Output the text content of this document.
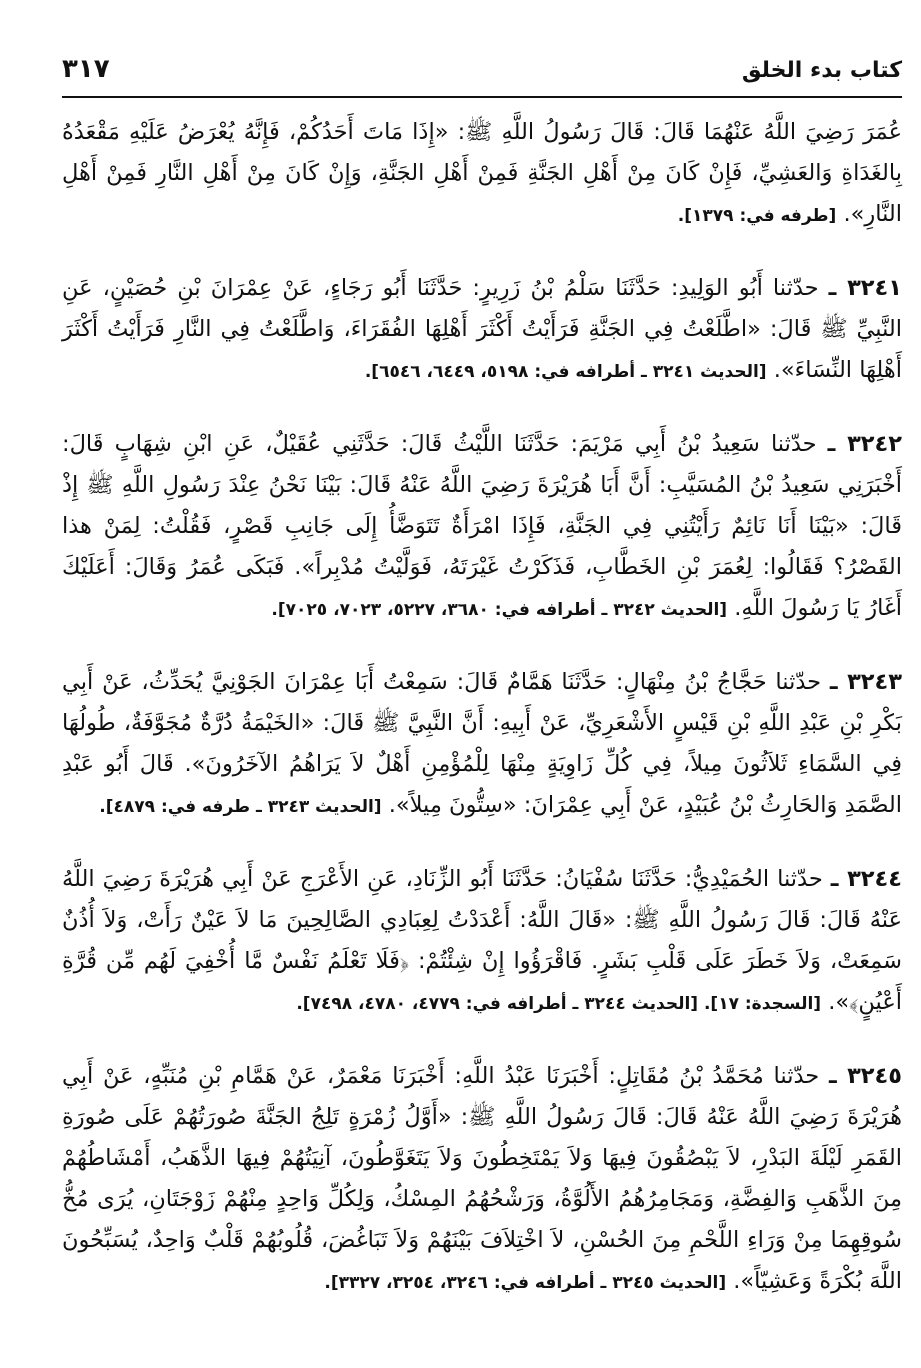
كتاب بدء الخلق
٣١٧

عُمَرَ رَضِيَ اللَّهُ عَنْهُمَا قَالَ: قَالَ رَسُولُ اللَّهِ ﷺ: «إِذَا مَاتَ أَحَدُكُمْ، فَإِنَّهُ يُعْرَضُ عَلَيْهِ مَقْعَدُهُ بِالغَدَاةِ وَالعَشِيِّ، فَإِنْ كَانَ مِنْ أَهْلِ الجَنَّةِ فَمِنْ أَهْلِ الجَنَّةِ، وَإِنْ كَانَ مِنْ أَهْلِ النَّارِ فَمِنْ أَهْلِ النَّارِ». [طرفه في: ١٣٧٩].

٣٢٤١ ـ حدّثنا أَبُو الوَلِيدِ: حَدَّثَنَا سَلْمُ بْنُ زَرِيرٍ: حَدَّثَنَا أَبُو رَجَاءٍ، عَنْ عِمْرَانَ بْنِ حُصَيْنٍ، عَنِ النَّبِيِّ ﷺ قَالَ: «اطَّلَعْتُ فِي الجَنَّةِ فَرَأَيْتُ أَكْثَرَ أَهْلِهَا الفُقَرَاءَ، وَاطَّلَعْتُ فِي النَّارِ فَرَأَيْتُ أَكْثَرَ أَهْلِهَا النِّسَاءَ». [الحديث ٣٢٤١ ـ أطرافه في: ٥١٩٨، ٦٤٤٩، ٦٥٤٦].

٣٢٤٢ ـ حدّثنا سَعِيدُ بْنُ أَبِي مَرْيَمَ: حَدَّثَنَا اللَّيْثُ قَالَ: حَدَّثَنِي عُقَيْلٌ، عَنِ ابْنِ شِهَابٍ قَالَ: أَخْبَرَنِي سَعِيدُ بْنُ المُسَيَّبِ: أَنَّ أَبَا هُرَيْرَةَ رَضِيَ اللَّهُ عَنْهُ قَالَ: بَيْنَا نَحْنُ عِنْدَ رَسُولِ اللَّهِ ﷺ إِذْ قَالَ: «بَيْنَا أَنَا نَائِمٌ رَأَيْتُنِي فِي الجَنَّةِ، فَإِذَا امْرَأَةٌ تَتَوَضَّأُ إِلَى جَانِبِ قَصْرٍ، فَقُلْتُ: لِمَنْ هذا القَصْرُ؟ فَقَالُوا: لِعُمَرَ بْنِ الخَطَّابِ، فَذَكَرْتُ غَيْرَتَهُ، فَوَلَّيْتُ مُدْبِراً». فَبَكَى عُمَرُ وَقَالَ: أَعَلَيْكَ أَغَارُ يَا رَسُولَ اللَّهِ. [الحديث ٣٢٤٢ ـ أطرافه في: ٣٦٨٠، ٥٢٢٧، ٧٠٢٣، ٧٠٢٥].

٣٢٤٣ ـ حدّثنا حَجَّاجُ بْنُ مِنْهَالٍ: حَدَّثَنَا هَمَّامٌ قَالَ: سَمِعْتُ أَبَا عِمْرَانَ الجَوْنِيَّ يُحَدِّثُ، عَنْ أَبِي بَكْرِ بْنِ عَبْدِ اللَّهِ بْنِ قَيْسٍ الأَشْعَرِيِّ، عَنْ أَبِيهِ: أَنَّ النَّبِيَّ ﷺ قَالَ: «الخَيْمَةُ دُرَّةٌ مُجَوَّفَةٌ، طُولُهَا فِي السَّمَاءِ ثَلاَثُونَ مِيلاً، فِي كُلِّ زَاوِيَةٍ مِنْهَا لِلْمُؤْمِنِ أَهْلٌ لاَ يَرَاهُمُ الآخَرُونَ». قَالَ أَبُو عَبْدِ الصَّمَدِ وَالحَارِثُ بْنُ عُبَيْدٍ، عَنْ أَبِي عِمْرَانَ: «سِتُّونَ مِيلاً». [الحديث ٣٢٤٣ ـ طرفه في: ٤٨٧٩].

٣٢٤٤ ـ حدّثنا الحُمَيْدِيُّ: حَدَّثَنَا سُفْيَانُ: حَدَّثَنَا أَبُو الزِّنَادِ، عَنِ الأَعْرَجِ عَنْ أَبِي هُرَيْرَةَ رَضِيَ اللَّهُ عَنْهُ قَالَ: قَالَ رَسُولُ اللَّهِ ﷺ: «قَالَ اللَّهُ: أَعْدَدْتُ لِعِبَادِي الصَّالِحِينَ مَا لاَ عَيْنٌ رَأَتْ، وَلاَ أُذُنٌ سَمِعَتْ، وَلاَ خَطَرَ عَلَى قَلْبِ بَشَرٍ. فَاقْرَؤُوا إِنْ شِئْتُمْ: ﴿فَلَا تَعْلَمُ نَفْسٌ مَّا أُخْفِيَ لَهُم مِّن قُرَّةِ أَعْيُنٍ﴾». [السجدة: ١٧]. [الحديث ٣٢٤٤ ـ أطرافه في: ٤٧٧٩، ٤٧٨٠، ٧٤٩٨].

٣٢٤٥ ـ حدّثنا مُحَمَّدُ بْنُ مُقَاتِلٍ: أَخْبَرَنَا عَبْدُ اللَّهِ: أَخْبَرَنَا مَعْمَرٌ، عَنْ هَمَّامِ بْنِ مُنَبِّهٍ، عَنْ أَبِي هُرَيْرَةَ رَضِيَ اللَّهُ عَنْهُ قَالَ: قَالَ رَسُولُ اللَّهِ ﷺ: «أَوَّلُ زُمْرَةٍ تَلِجُ الجَنَّةَ صُورَتُهُمْ عَلَى صُورَةِ القَمَرِ لَيْلَةَ البَدْرِ، لاَ يَبْصُقُونَ فِيهَا وَلاَ يَمْتَخِطُونَ وَلاَ يَتَغَوَّطُونَ، آنِيَتُهُمْ فِيهَا الذَّهَبُ، أَمْشَاطُهُمْ مِنَ الذَّهَبِ وَالفِضَّةِ، وَمَجَامِرُهُمُ الأَلُوَّةُ، وَرَشْحُهُمُ المِسْكُ، وَلِكُلِّ وَاحِدٍ مِنْهُمْ زَوْجَتَانِ، يُرَى مُخُّ سُوقِهِمَا مِنْ وَرَاءِ اللَّحْمِ مِنَ الحُسْنِ، لاَ اخْتِلاَفَ بَيْنَهُمْ وَلاَ تَبَاغُضَ، قُلُوبُهُمْ قَلْبٌ وَاحِدٌ، يُسَبِّحُونَ اللَّهَ بُكْرَةً وَعَشِيّاً». [الحديث ٣٢٤٥ ـ أطرافه في: ٣٢٤٦، ٣٢٥٤، ٣٣٢٧].
